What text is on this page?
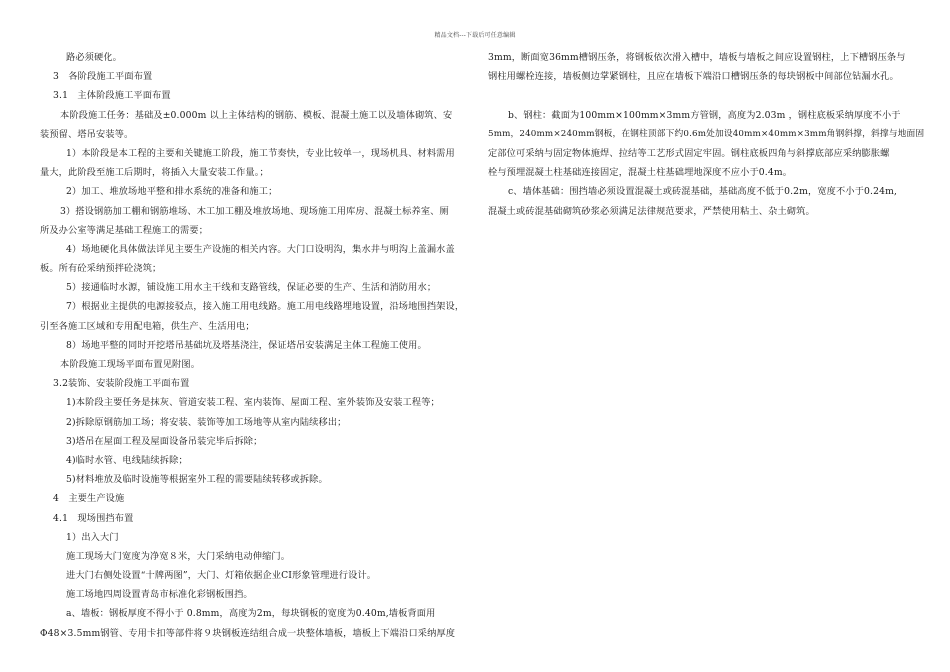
精品文档---下载后可任意编辑
路必须硬化。
3　各阶段施工平面布置
3.1　主体阶段施工平面布置
本阶段施工任务：基础及±0.000m 以上主体结构的钢筋、模板、混凝土施工以及墙体砌筑、安
装预留、塔吊安装等。
1）本阶段是本工程的主要和关键施工阶段，施工节奏快，专业比较单一，现场机具、材料需用
量大，此阶段至施工后期时，将插入大量安装工作量。；
2）加工、堆放场地平整和排水系统的准备和施工；
3）搭设钢筋加工棚和钢筋堆场、木工加工棚及堆放场地、现场施工用库房、混凝土标养室、厕
所及办公室等满足基础工程施工的需要；
4）场地硬化具体做法详见主要生产设施的相关内容。大门口设明沟，集水井与明沟上盖漏水盖
板。所有砼采纳预拌砼浇筑；
5）接通临时水源，铺设施工用水主干线和支路管线，保证必要的生产、生活和消防用水；
7）根据业主提供的电源接驳点，接入施工用电线路。施工用电线路埋地设置，沿场地围挡架设，
引至各施工区域和专用配电箱，供生产、生活用电；
8）场地平整的同时开挖塔吊基础坑及塔基浇注，保证塔吊安装满足主体工程施工使用。
本阶段施工现场平面布置见附图。
3.2装饰、安装阶段施工平面布置
1)本阶段主要任务是抹灰、管道安装工程、室内装饰、屋面工程、室外装饰及安装工程等；
2)拆除原钢筋加工场；将安装、装饰等加工场地等从室内陆续移出；
3)塔吊在屋面工程及屋面设备吊装完毕后拆除；
4)临时水管、电线陆续拆除；
5)材料堆放及临时设施等根据室外工程的需要陆续转移或拆除。
4　主要生产设施
4.1　现场围挡布置
1）出入大门
施工现场大门宽度为净宽８米，大门采纳电动伸缩门。
进大门右侧处设置“十牌两图”，大门、灯箱依据企业CI形象管理进行设计。
施工场地四周设置青岛市标准化彩钢板围挡。
a、墙板：钢板厚度不得小于 0.8mm，高度为2m，每块钢板的宽度为0.40m,墙板背面用
Φ48×3.5mm钢管、专用卡扣等部件将９块钢板连结组合成一块整体墙板，墙板上下端沿口采纳厚度
3mm，断面宽36mm槽钢压条，将钢板依次滑入槽中，墙板与墙板之间应设置钢柱，上下槽钢压条与
钢柱用螺栓连接，墙板侧边掌紧钢柱，且应在墙板下端沿口槽钢压条的每块钢板中间部位钻漏水孔。
b、钢柱：截面为100mm×100mm×3mm方管钢，高度为2.03m ，钢柱底板采纳厚度不小于
5mm，240mm×240mm钢板，在钢柱顶部下约0.6m处加设40mm×40mm×3mm角钢斜撑，斜撑与地面固
定部位可采纳与固定物体施焊、拉结等工艺形式固定牢固。钢柱底板四角与斜撑底部应采纳膨胀螺
栓与预埋混凝土柱基础连接固定，混凝土柱基础埋地深度不应小于0.4m。
c、墙体基础：围挡墙必须设置混凝土或砖混基础，基础高度不低于0.2m，宽度不小于0.24m,
混凝土或砖混基础砌筑砂浆必须满足法律规范要求，严禁使用粘土、杂土砌筑。
